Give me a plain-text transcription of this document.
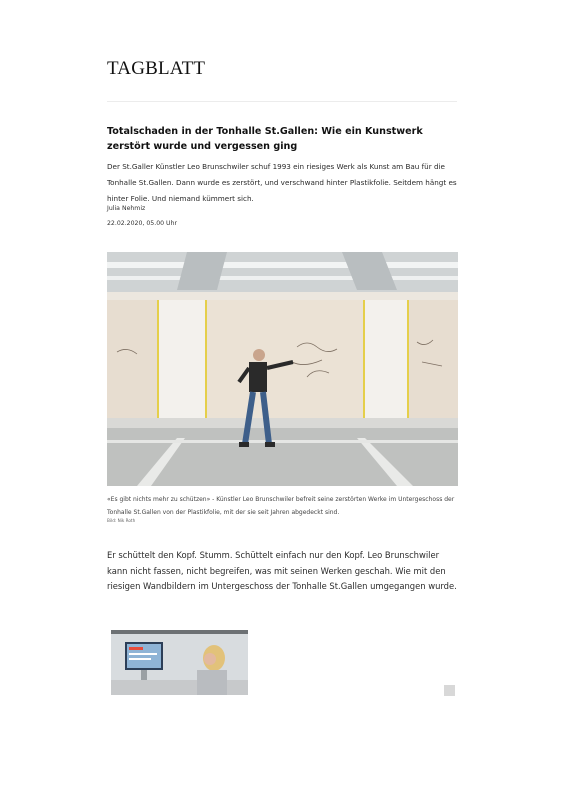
TAGBLATT
Totalschaden in der Tonhalle St.Gallen: Wie ein Kunstwerk zerstört wurde und vergessen ging

Der St.Galler Künstler Leo Brunschwiler schuf 1993 ein riesiges Werk als Kunst am Bau für die Tonhalle St.Gallen. Dann wurde es zerstört, und verschwand hinter Plastikfolie. Seitdem hängt es hinter Folie. Und niemand kümmert sich.

Julia Nehmiz
22.02.2020, 05.00 Uhr

«Es gibt nichts mehr zu schützen» - Künstler Leo Brunschwiler befreit seine zerstörten Werke im Untergeschoss der Tonhalle St.Gallen von der Plastikfolie, mit der sie seit Jahren abgedeckt sind.

Bild: Nik Roth

Er schüttelt den Kopf. Stumm. Schüttelt einfach nur den Kopf. Leo Brunschwiler kann nicht fassen, nicht begreifen, was mit seinen Werken geschah. Wie mit den riesigen Wandbildern im Untergeschoss der Tonhalle St.Gallen umgegangen wurde.
